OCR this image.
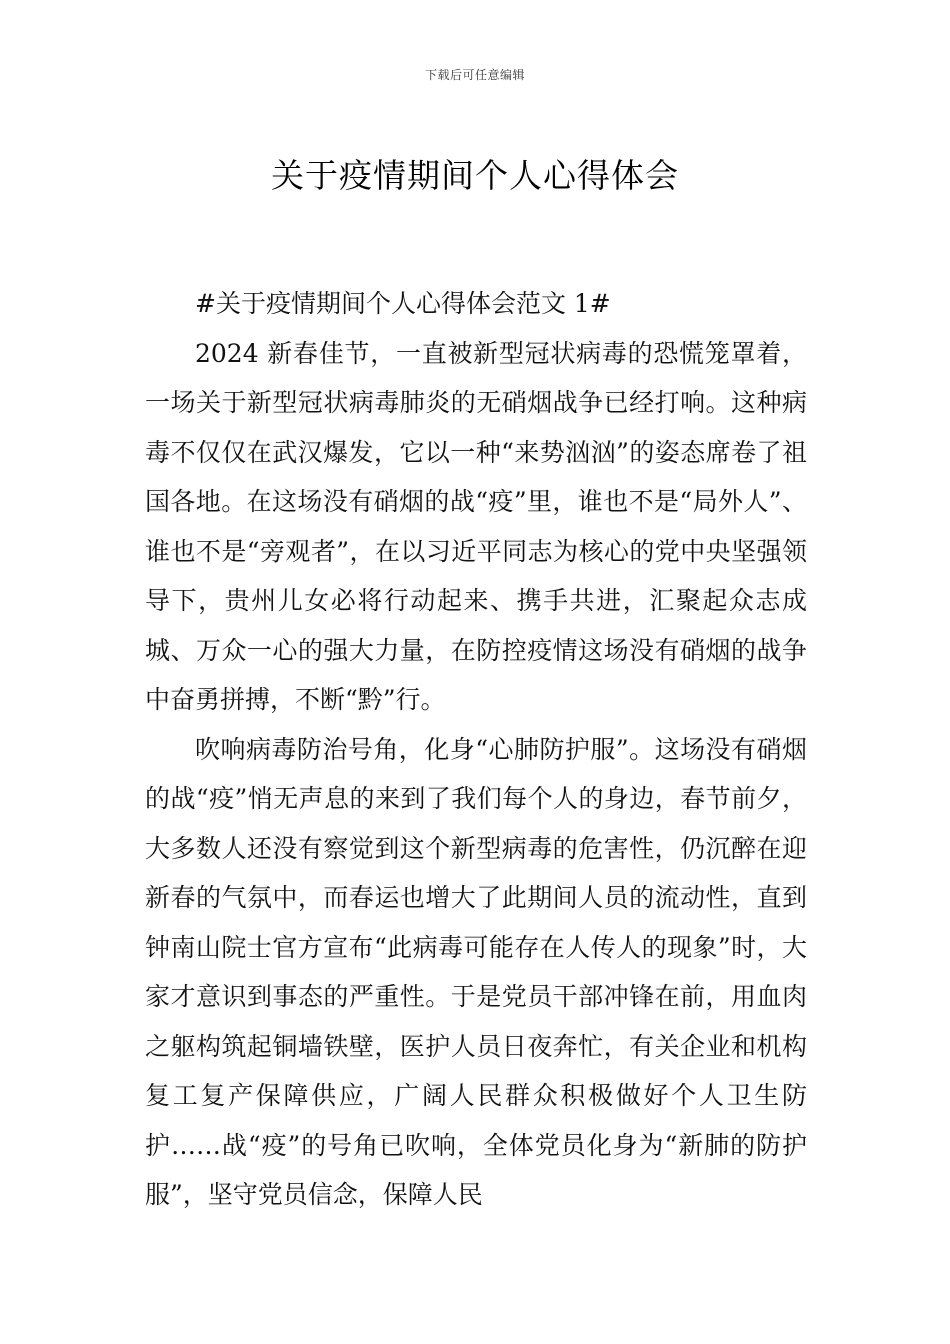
下载后可任意编辑
关于疫情期间个人心得体会

#关于疫情期间个人心得体会范文 1#

2024 新春佳节，一直被新型冠状病毒的恐慌笼罩着，一场关于新型冠状病毒肺炎的无硝烟战争已经打响。这种病毒不仅仅在武汉爆发，它以一种“来势汹汹”的姿态席卷了祖国各地。在这场没有硝烟的战“疫”里，谁也不是“局外人”、谁也不是“旁观者”，在以习近平同志为核心的党中央坚强领导下，贵州儿女必将行动起来、携手共进，汇聚起众志成城、万众一心的强大力量，在防控疫情这场没有硝烟的战争中奋勇拼搏，不断“黔”行。

吹响病毒防治号角，化身“心肺防护服”。这场没有硝烟的战“疫”悄无声息的来到了我们每个人的身边，春节前夕，大多数人还没有察觉到这个新型病毒的危害性，仍沉醉在迎新春的气氛中，而春运也增大了此期间人员的流动性，直到钟南山院士官方宣布“此病毒可能存在人传人的现象”时，大家才意识到事态的严重性。于是党员干部冲锋在前，用血肉之躯构筑起铜墙铁壁，医护人员日夜奔忙，有关企业和机构复工复产保障供应，广阔人民群众积极做好个人卫生防护……战“疫”的号角已吹响，全体党员化身为“新肺的防护服”，坚守党员信念，保障人民
